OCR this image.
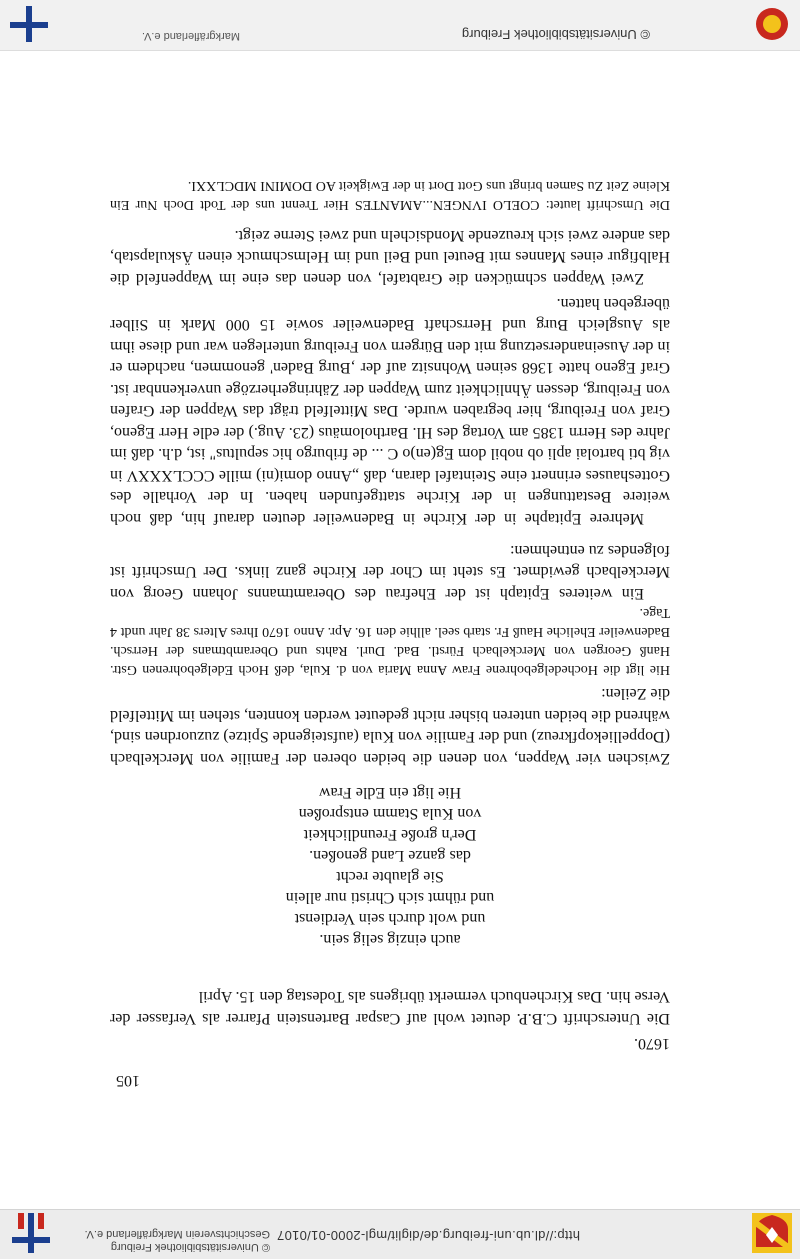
http://dl.ub.uni-freiburg.de/diglit/mgl-2000-01/0107
© Universitätsbibliothek Freiburg
Geschichtsverein Markgräflerland e.V.
Markgräflerland e.V.	© Universitätsbibliothek Freiburg
105

1670.

Die Unterschrift C.B.P. deutet wohl auf Caspar Bartenstein Pfarrer als Verfasser der Verse hin. Das Kirchenbuch vermerkt übrigens als Todestag den 15. April

auch einzig selig sein.

und wolt durch sein Verdienst

und rühmt sich Christi nur allein

Sie glaubte recht

das ganze Land genoßen.

Der'n große Freundlichkeit

von Kula Stamm entsproßen

Hie ligt ein Edle Fraw

Zwischen vier Wappen, von denen die beiden oberen der Familie von Merckelbach (Doppelliekopfkreuz) und der Familie von Kula (aufsteigende Spitze) zuzuordnen sind, während die beiden unteren bisher nicht gedeutet werden konnten, stehen im Mittelfeld die Zeilen:

Hie ligt die Hochedelgebohrene Fraw Anna Maria von d. Kula, deß Hoch Edelgebohrenen Gstr. Hanß Georgen von Merckelbach Fürstl. Bad. Durl. Rahts und Oberambtmans der Herrsch. Badenweiler Eheliche Hauß Fr. starb seel. allhie den 16. Apr. Anno 1670 Ihres Alters 38 Jahr undt 4 Tage.

Ein weiteres Epitaph ist der Ehefrau des Oberamtmanns Johann Georg von Merckelbach gewidmet. Es steht im Chor der Kirche ganz links. Der Umschrift ist folgendes zu entnehmen:

Mehrere Epitaphe in der Kirche in Badenweiler deuten darauf hin, daß noch weitere Bestattungen in der Kirche stattgefunden haben. In der Vorhalle des Gotteshauses erinnert eine Steintafel daran, daß „Anno domi(ni) mille CCCLXXXV in vig bti bartolai apli ob nobil dom Eg(en)o C ... de friburgo hic sepultus" ist, d.h. daß im Jahre des Herrn 1385 am Vortag des Hl. Bartholomäus (23. Aug.) der edle Herr Egeno, Graf von Freiburg, hier begraben wurde. Das Mittelfeld trägt das Wappen der Grafen von Freiburg, dessen Ähnlichkeit zum Wappen der Zähringerherzöge unverkennbar ist. Graf Egeno hatte 1368 seinen Wohnsitz auf der ‚Burg Baden' genommen, nachdem er in der Auseinandersetzung mit den Bürgern von Freiburg unterlegen war und diese ihm als Ausgleich Burg und Herrschaft Badenweiler sowie 15 000 Mark in Silber übergeben hatten.

Zwei Wappen schmücken die Grabtafel, von denen das eine im Wappenfeld die Halbfigur eines Mannes mit Beutel und Beil und im Helmschmuck einen Äskulapstab, das andere zwei sich kreuzende Mondsicheln und zwei Sterne zeigt.

Die Umschrift lautet: COELO IVNGEN...AMANTES Hier Trennt uns der Todt Doch Nur Ein Kleine Zeit Zu Samen bringt uns Gott Dort in der Ewigkeit AO DOMINI MDCLXXI.
